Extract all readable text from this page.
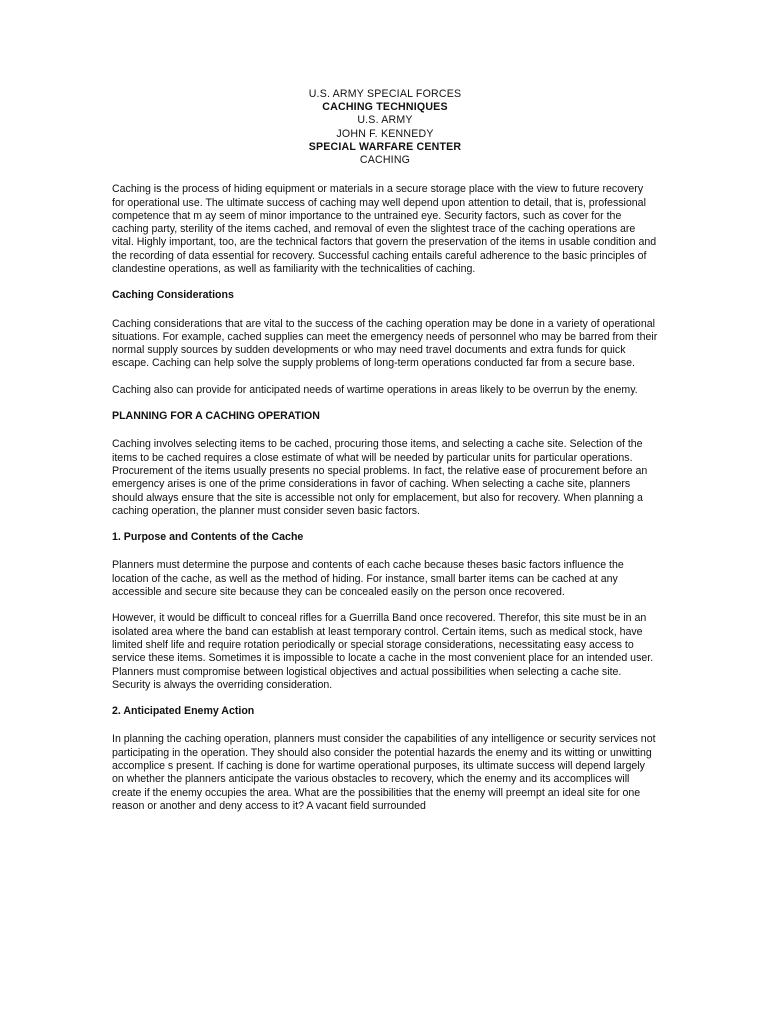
U.S. ARMY SPECIAL FORCES
CACHING TECHNIQUES
U.S. ARMY
JOHN F. KENNEDY
SPECIAL WARFARE CENTER
CACHING

Caching is the process of hiding equipment or materials in a secure storage place with the view to future recovery for operational use. The ultimate success of caching may well depend upon attention to detail, that is, professional competence that m ay seem of minor importance to the untrained eye. Security factors, such as cover for the caching party, sterility of the items cached, and removal of even the slightest trace of the caching operations are vital. Highly important, too, are the technical factors that govern the preservation of the items in usable condition and the recording of data essential for recovery. Successful caching entails careful adherence to the basic principles of clandestine operations, as well as familiarity with the technicalities of caching.

Caching Considerations

Caching considerations that are vital to the success of the caching operation may be done in a variety of operational situations. For example, cached supplies can meet the emergency needs of personnel who may be barred from their normal supply sources by sudden developments or who may need travel documents and extra funds for quick escape. Caching can help solve the supply problems of long-term operations conducted far from a secure base.

Caching also can provide for anticipated needs of wartime operations in areas likely to be overrun by the enemy.

PLANNING FOR A CACHING OPERATION

Caching involves selecting items to be cached, procuring those items, and selecting a cache site. Selection of the items to be cached requires a close estimate of what will be needed by particular units for particular operations. Procurement of the items usually presents no special problems. In fact, the relative ease of procurement before an emergency arises is one of the prime considerations in favor of caching. When selecting a cache site, planners should always ensure that the site is accessible not only for emplacement, but also for recovery. When planning a caching operation, the planner must consider seven basic factors.

1. Purpose and Contents of the Cache

Planners must determine the purpose and contents of each cache because theses basic factors influence the location of the cache, as well as the method of hiding. For instance, small barter items can be cached at any accessible and secure site because they can be concealed easily on the person once recovered.

However, it would be difficult to conceal rifles for a Guerrilla Band once recovered. Therefor, this site must be in an isolated area where the band can establish at least temporary control. Certain items, such as medical stock, have limited shelf life and require rotation periodically or special storage considerations, necessitating easy access to service these items. Sometimes it is impossible to locate a cache in the most convenient place for an intended user. Planners must compromise between logistical objectives and actual possibilities when selecting a cache site. Security is always the overriding consideration.

2. Anticipated Enemy Action

In planning the caching operation, planners must consider the capabilities of any intelligence or security services not participating in the operation. They should also consider the potential hazards the enemy and its witting or unwitting accomplice s present. If caching is done for wartime operational purposes, its ultimate success will depend largely on whether the planners anticipate the various obstacles to recovery, which the enemy and its accomplices will create if the enemy occupies the area. What are the possibilities that the enemy will preempt an ideal site for one reason or another and deny access to it? A vacant field surrounded
